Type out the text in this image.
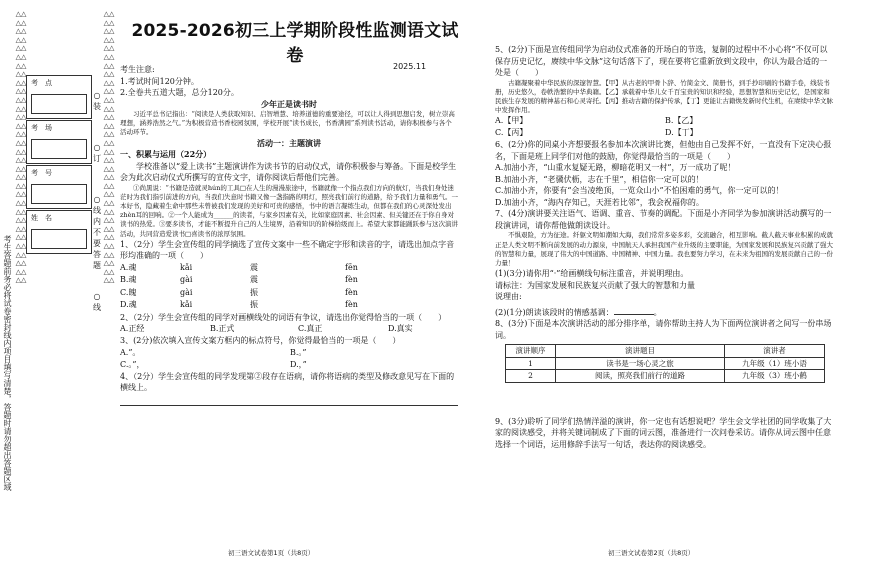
△△△△△△△△△△△△△△△△△△△△△△△△△△△△△△△△△△△△△△△△△△△△△△△△△△△△△△△△△△△△△△△△
考生答题前务必将试卷密封线内项目填写清楚，答题时请勿超出答题区域
考　点
考　场
考　号
姓　名
○
装
○
订
○
线
内
不
要
答
题
○
线
△△△△△△△△△△△△△△△△△△△△△△△△△△△△△△△△△△△△△△△△△△△△△△△△△△△△△△△△△△△△△△△△
2025-2026初三上学期阶段性监测语文试卷
2025.11
考生注意:
1.考试时间120分钟。
2.全卷共五道大题，总分120分。
少年正是读书时
习近平总书记指出：“阅读是人类获取知识、启智增慧、培养道德的重要途径，可以让人得到思想启发，树立崇高理想，涵养浩然之气。”为积极营造书香校园氛围，学校开展“读书成长，书香满园”系列读书活动，请你积极参与各个活动环节。
活动一：主题演讲
一、积累与运用（22分）
学校准备以“爱上读书”主题演讲作为读书节的启动仪式，请你积极参与筹备。下面是校学生会为此次启动仪式所撰写的宣传文字，请你阅读后帮他们完善。
①尚黑说：“书籍是造就灵hún的工具□在人生的漫漫旅途中，书籍就像一个指点我们方向的航灯，当我们身处迷茫时为我们指引前进的方向，当我们失意时书籍又像一盏指路的明灯，照亮我们前行的道路，给予我们力量和勇气。一本好书，隐藏着生命中那些未曾被我们发现的美好和可贵的感悟，书中的语言凝练生动，但都在我们的心灵深处发出zhèn耳的回响。②一个人能成为______的读者，与家乡因素有关，比如家庭因素、社会因素、但关键还在于你自身对读书的热爱。③要多读书，才能不断提升自己的人生境界，沿着知识的阶梯拾级而上。希望大家都能踊跃参与这次演讲活动，共同营造爱读书□喜读书的浓厚氛围。
1、（2分）学生会宣传组的同学摘选了宣传文案中一些不确定字形和读音的字，请选出加点字音形均准确的一项（　　）
A.魂	kǎi	震	fēn
B.魂	gài	震	fèn
C.魄	gài	振	fèn
D.魂	kǎi	振	fèn
2、（2分）学生会宣传组的同学对画横线处的词语有争议，请选出你觉得恰当的一项（　　）
A.正经	B.正式	C.真正	D.真实
3、(2分)依次填入宣传文案方框内的标点符号，你觉得最恰当的一项是（　　）
A.”。	B.。”
C.。”，	D.，”
4、（2分）学生会宣传组的同学发现第②段存在语病，请你将语病的类型及修改意见写在下面的横线上。
5、(2分)下面是宣传组同学为启动仪式准备的开场白的节选，复制的过程中不小心将“不仅可以保存历史记忆，赓续中华文脉”这句话落下了，现在要将它重新放到文段中，你认为最合适的一处是（　　）
古籍凝聚着中华民族的深邃智慧。【甲】从古老的甲骨卜辞、竹简金文、简册书，到手抄印刷的书籍手卷，线装书册，历史悠久，卷帙浩繁的中华典籍。【乙】承载着中华儿女千百宝贵的知识和经验，思想智慧和历史记忆，是国家和民族生存发展的精神基石和心灵寄托。【丙】推动古籍的保护传承，【丁】更能让古籍焕发新时代生机，在赓续中华文脉中发挥作用。
A.【甲】	B.【乙】
C.【丙】	D.【丁】
6、(2分)你的同桌小齐想要报名参加本次演讲比赛，但他由自己发挥不好，一直没有下定决心报名，下面是班上同学们对他的鼓励，你觉得最恰当的一项是（　　）
A.加油小齐，“山重水复疑无路，柳暗花明又一村”，万一成功了呢！
B.加油小齐，“老骥伏枥，志在千里”，相信你一定可以的！
C.加油小齐，你要有“会当凌绝顶，一览众山小”不怕困难的勇气，你一定可以的！
D.加油小齐，“海内存知己，天涯若比邻”，我会祝福你的。
7、(4分)演讲要关注语气、语调、重音、节奏的调配。下面是小齐同学为参加演讲活动撰写的一段演讲词，请你帮他做朗读设计。
不惧艰险，方为征途。纤躯文明如潮如大海，我们常常多姿多彩，交流融合，相互影响。截人截天事业积累的成就正是人类文明不断向前发展的动力源泉，中国航天人承担我国产业升级的主要职能，为国家发展和民族复兴贡献了强大的智慧和力量，展现了伟大的中国道路、中国精神、中国力量。我也要努力学习，在未来为祖国的发展贡献自己的一份力量！
(1)(3分)请你用“·”给画横线句标注重音，并说明理由。
请标注：为国家发展和民族复兴贡献了强大的智慧和力量
说理由:
(2)(1分)朗读该段时的情感基调：	。
8、(3分)下面是本次演讲活动的部分排序单，请你帮助主持人为下面两位演讲者之间写一份串场词。
演讲顺序	演讲题目	演讲者
1	读书是一场心灵之旅	九年级（1）班小语
2	阅读，照亮我们前行的道路	九年级（3）班小鹤
9、(3分)聆听了同学们热情洋溢的演讲，你一定也有话想说吧？学生会文学社团的同学收集了大家的阅读感受，并将关键词制成了下面的词云图，准备进行一次问卷采访。请你从词云图中任意选择一个词语，运用修辞手法写一句话，表达你的阅读感受。
初三语文试卷第1页（共8页）	初三语文试卷第2页（共8页）
